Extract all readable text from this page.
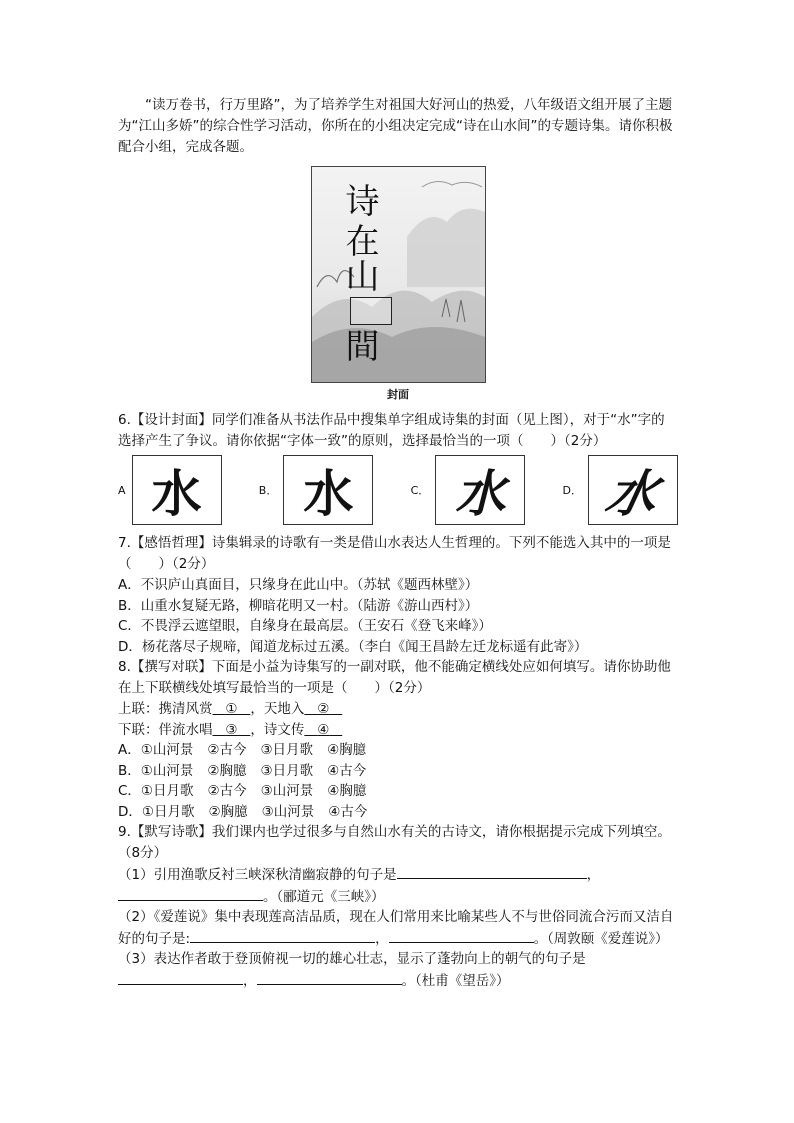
“读万卷书，行万里路”，为了培养学生对祖国大好河山的热爱，八年级语文组开展了主题为“江山多娇”的综合性学习活动，你所在的小组决定完成“诗在山水间”的专题诗集。请你积极配合小组，完成各题。

诗
在
山
間
封面

6.【设计封面】同学们准备从书法作品中搜集单字组成诗集的封面（见上图），对于“水”字的选择产生了争议。请你依据“字体一致”的原则，选择最恰当的一项（　　）（2分）

A 水	B． 水	C． 水	D． 水

7.【感悟哲理】诗集辑录的诗歌有一类是借山水表达人生哲理的。下列不能选入其中的一项是（　　）（2分）

A．不识庐山真面目，只缘身在此山中。（苏轼《题西林壁》）
B．山重水复疑无路，柳暗花明又一村。（陆游《游山西村》）
C．不畏浮云遮望眼，自缘身在最高层。（王安石《登飞来峰》）
D．杨花落尽子规啼，闻道龙标过五溪。（李白《闻王昌龄左迁龙标遥有此寄》）

8.【撰写对联】下面是小益为诗集写的一副对联，他不能确定横线处应如何填写。请你协助他在上下联横线处填写最恰当的一项是（　　）（2分）

上联：携清风赏 ① ，天地入 ②
下联：伴流水唱 ③ ，诗文传 ④
A．①山河景 ②古今 ③日月歌 ④胸臆
B．①山河景 ②胸臆 ③日月歌 ④古今
C．①日月歌 ②古今 ③山河景 ④胸臆
D．①日月歌 ②胸臆 ③山河景 ④古今

9.【默写诗歌】我们课内也学过很多与自然山水有关的古诗文，请你根据提示完成下列填空。（8分）

（1）引用渔歌反衬三峡深秋清幽寂静的句子是	，
。（郦道元《三峡》）
（2）《爱莲说》集中表现莲高洁品质，现在人们常用来比喻某些人不与世俗同流合污而又洁自好的句子是:	，	。（周敦颐《爱莲说》）
（3）表达作者敢于登顶俯视一切的雄心壮志，显示了蓬勃向上的朝气的句子是
，	。（杜甫《望岳》）
